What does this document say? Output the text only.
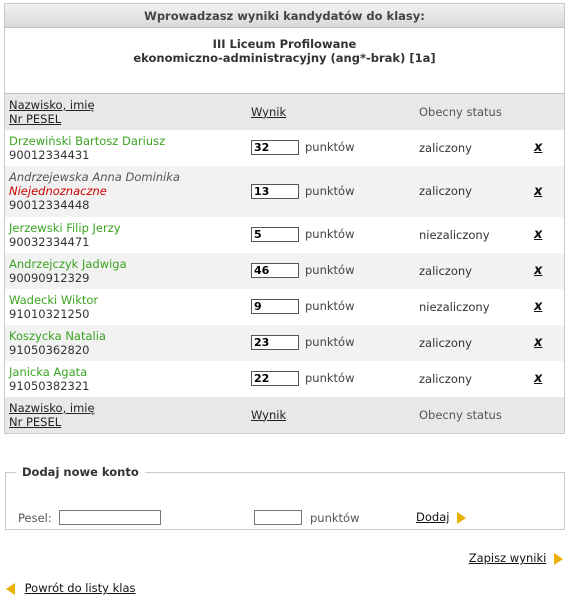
Wprowadzasz wyniki kandydatów do klasy:
III Liceum Profilowane
ekonomiczno-administracyjny (ang*-brak) [1a]
Nazwisko, imię
Nr PESEL	Wynik	Obecny status	

Drzewiński Bartosz Dariusz
90012334431
	32punktów	zaliczony	x

Andrzejewska Anna Dominika
Niejednoznaczne
90012334448
	13punktów	zaliczony	x

Jerzewski Filip Jerzy
90032334471
	5punktów	niezaliczony	x

Andrzejczyk Jadwiga
90090912329
	46punktów	zaliczony	x

Wadecki Wiktor
91010321250
	9punktów	niezaliczony	x

Koszycka Natalia
91050362820
	23punktów	zaliczony	x

Janicka Agata
91050382321
	22punktów	zaliczony	x

Nazwisko, imię
Nr PESEL	Wynik	Obecny status	
Dodaj nowe konto
Pesel:	punktów	Dodaj
Zapisz wyniki
Powrót do listy klas
